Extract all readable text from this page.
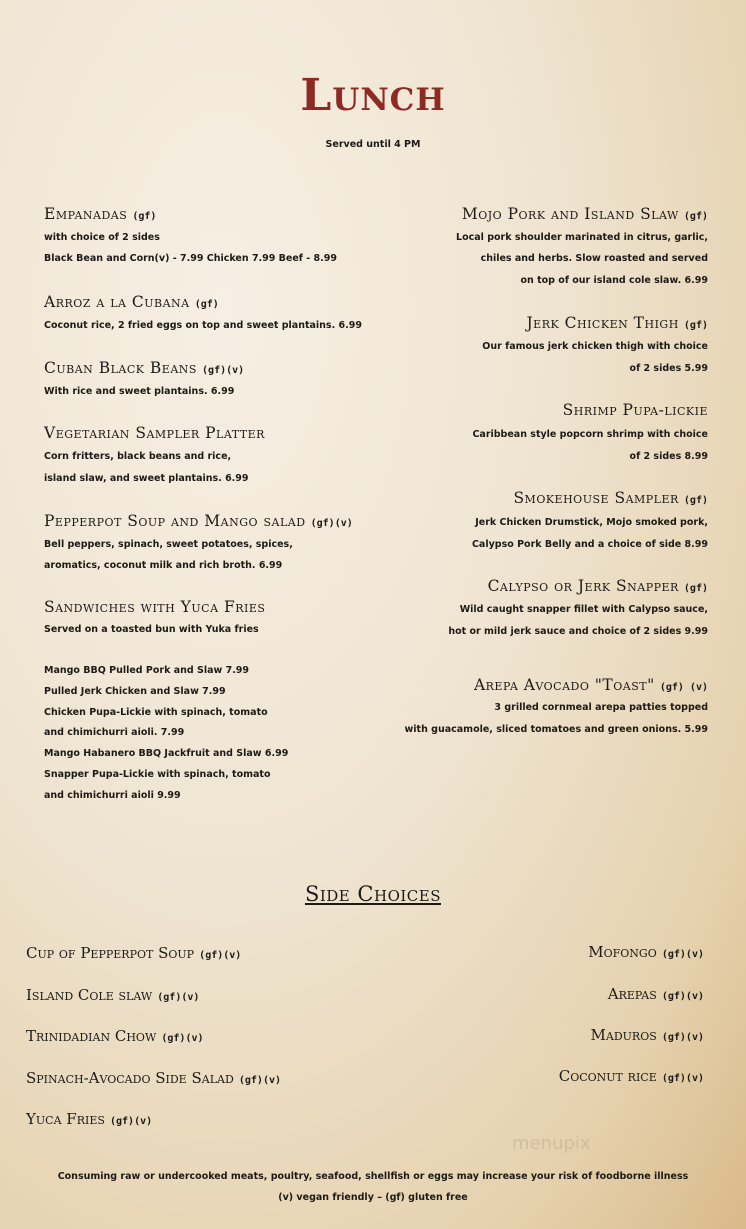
Lunch
Served until 4 PM
Empanadas (gf)
with choice of 2 sides
Black Bean and Corn(v) - 7.99 Chicken 7.99 Beef - 8.99
Arroz a la Cubana (gf)
Coconut rice, 2 fried eggs on top and sweet plantains. 6.99
Cuban Black Beans (gf)(v)
With rice and sweet plantains. 6.99
Vegetarian Sampler Platter
Corn fritters, black beans and rice,
island slaw, and sweet plantains. 6.99
Pepperpot Soup and Mango salad (gf)(v)
Bell peppers, spinach, sweet potatoes, spices,
aromatics, coconut milk and rich broth. 6.99
Sandwiches with Yuca Fries
Served on a toasted bun with Yuka fries
Mango BBQ Pulled Pork and Slaw 7.99
Pulled Jerk Chicken and Slaw 7.99
Chicken Pupa-Lickie with spinach, tomato
and chimichurri aioli. 7.99
Mango Habanero BBQ Jackfruit and Slaw 6.99
Snapper Pupa-Lickie with spinach, tomato
and chimichurri aioli 9.99
Mojo Pork and Island Slaw (gf)
Local pork shoulder marinated in citrus, garlic,
chiles and herbs. Slow roasted and served
on top of our island cole slaw. 6.99
Jerk Chicken Thigh (gf)
Our famous jerk chicken thigh with choice
of 2 sides 5.99
Shrimp Pupa-lickie
Caribbean style popcorn shrimp with choice
of 2 sides 8.99
Smokehouse Sampler (gf)
Jerk Chicken Drumstick, Mojo smoked pork,
Calypso Pork Belly and a choice of side 8.99
Calypso or Jerk Snapper (gf)
Wild caught snapper fillet with Calypso sauce,
hot or mild jerk sauce and choice of 2 sides 9.99
Arepa Avocado "Toast" (gf) (v)
3 grilled cornmeal arepa patties topped
with guacamole, sliced tomatoes and green onions. 5.99
Side Choices
Cup of Pepperpot Soup (gf)(v)
Island Cole slaw (gf)(v)
Trinidadian Chow (gf)(v)
Spinach-Avocado Side Salad (gf)(v)
Yuca Fries (gf)(v)
Mofongo (gf)(v)
Arepas (gf)(v)
Maduros (gf)(v)
Coconut rice (gf)(v)
menupix
Consuming raw or undercooked meats, poultry, seafood, shellfish or eggs may increase your risk of foodborne illness
(v) vegan friendly – (gf) gluten free
